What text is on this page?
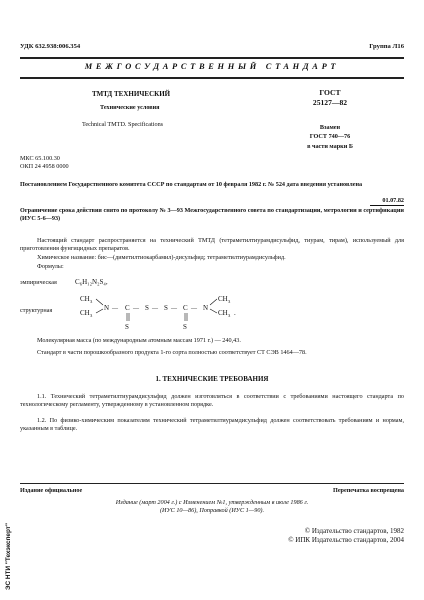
УДК 632.938:006.354	Группа Л16
МЕЖГОСУДАРСТВЕННЫЙ СТАНДАРТ
ТМТД ТЕХНИЧЕСКИЙ
Технические условия
Technical TMTD. Specifications
ГОСТ
25127—82
Взамен
ГОСТ 740—76
в части марки Б
МКС 65.100.30
ОКП 24 4958 0000
Постановлением Государственного комитета СССР по стандартам от 10 февраля 1982 г. № 524 дата введения установлена
01.07.82
Ограничение срока действия снято по протоколу № 3—93 Межгосударственного совета по стандартизации, метрологии и сертификации (ИУС 5-6—93)
Настоящий стандарт распространяется на технический ТМТД (тетраметилтиурамдисульфид, тиурам, тирам), используемый для приготовления фунгицидных препаратов.
Химическое название: бис—(диметилтиокарбамил)-дисульфид; тетраметилтиурамдисульфид.
Формулы:
эмпирическая	C₆H₁₂N₂S₄,
структурная
CH 3
CH 3
N — C
S
— S — S — C
S
— N
CH 3
CH 3 .
Молекулярная масса (по международным атомным массам 1971 г.) — 240,43.
Стандарт в части порошкообразного продукта 1-го сорта полностью соответствует СТ СЭВ 1464—78.
1. ТЕХНИЧЕСКИЕ ТРЕБОВАНИЯ
1.1. Технический тетраметилтиурамдисульфид должен изготовляться в соответствии с требованиями настоящего стандарта по технологическому регламенту, утвержденному в установленном порядке.
1.2. По физико-химическим показателям технический тетраметилтиурамдисульфид должен соответствовать требованиям и нормам, указанным в таблице.
Издание официальное	Перепечатка воспрещена
Издание (март 2004 г.) с Изменением №1, утвержденным в июле 1986 г.
(ИУС 10—86), Поправкой (ИУС 1—90).
© Издательство стандартов, 1982
© ИПК Издательство стандартов, 2004
ЭС НТИ "Техэксперт"
